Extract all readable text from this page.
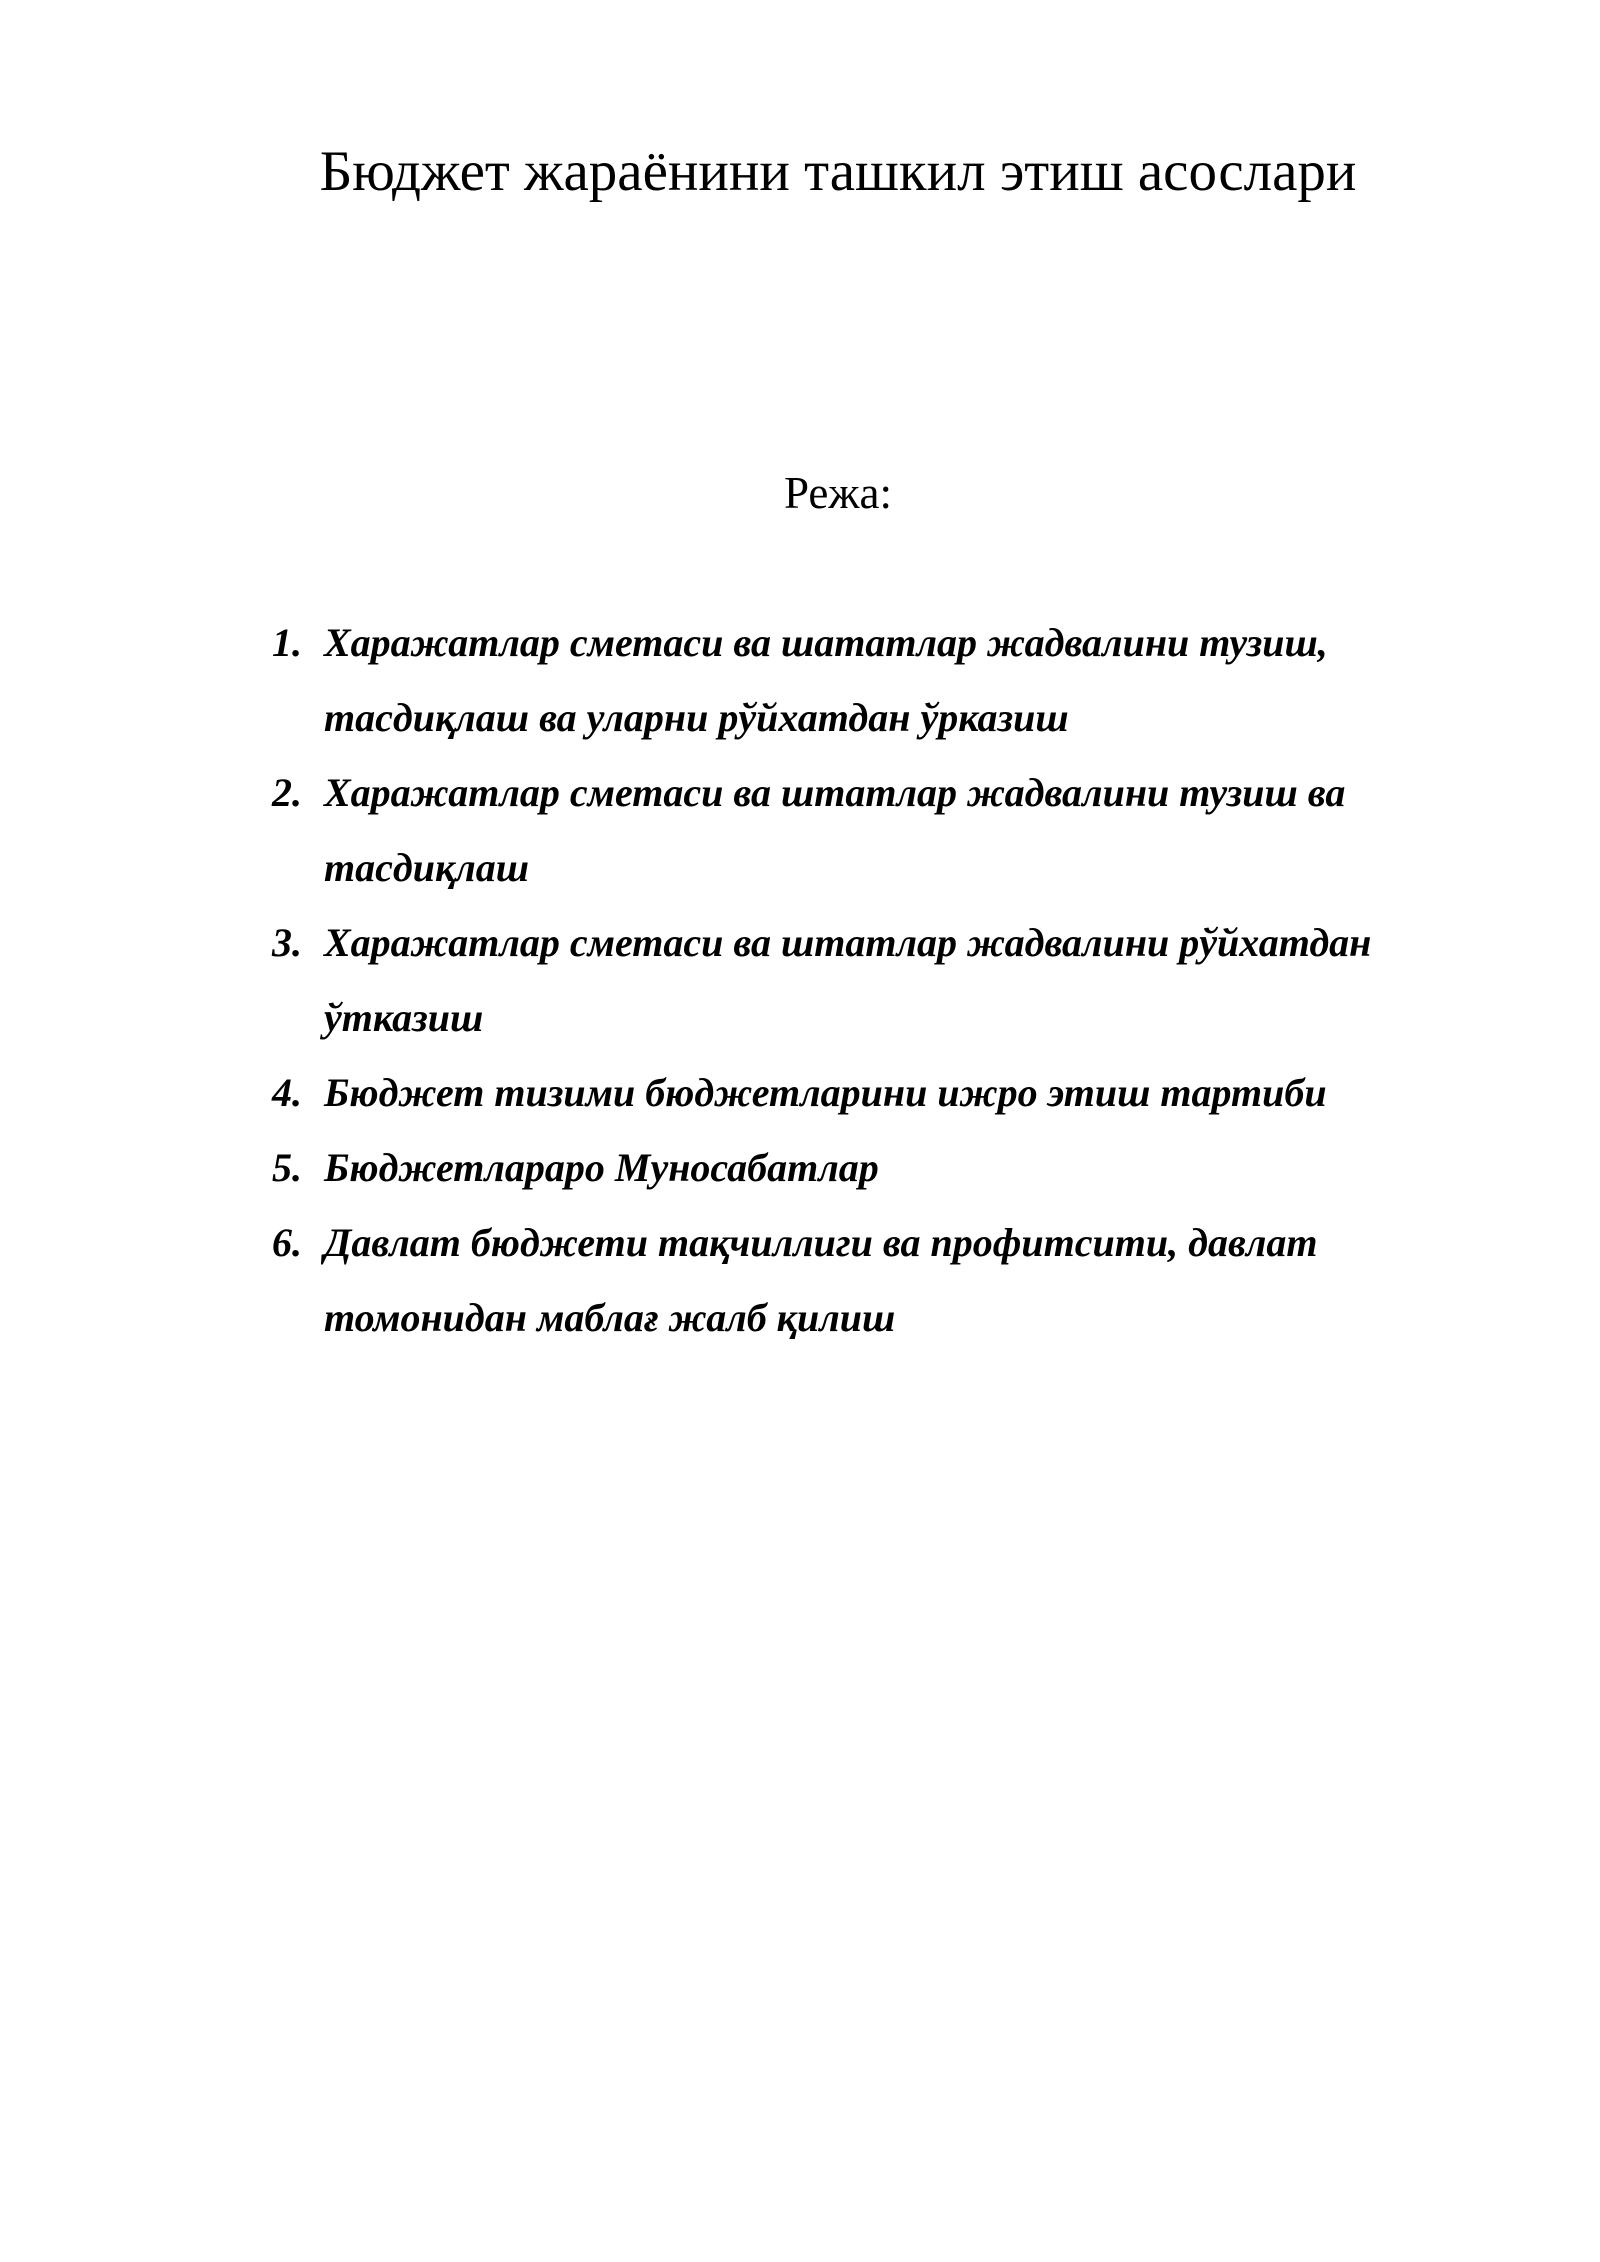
Бюджет жараёнини ташкил этиш асослари
Режа:
1. Харажатлар сметаси ва шататлар жадвалини тузиш, тасдиқлаш ва уларни рўйхатдан ўрказиш
2. Харажатлар сметаси ва штатлар жадвалини тузиш ва тасдиқлаш
3. Харажатлар сметаси ва штатлар жадвалини рўйхатдан ўтказиш
4. Бюджет тизими бюджетларини ижро этиш тартиби
5. Бюджетлараро Муносабатлар
6. Давлат бюджети тақчиллиги ва профитсити, давлат томонидан маблағ жалб қилиш
